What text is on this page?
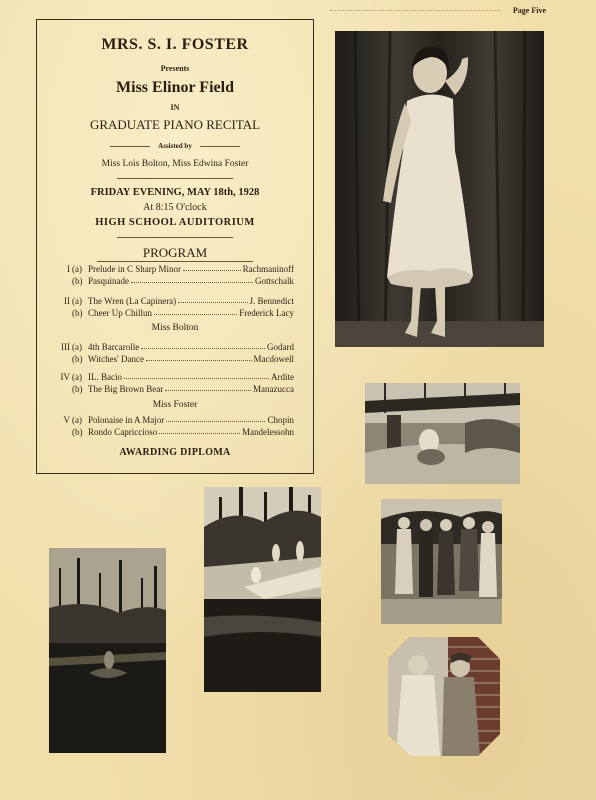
Page Five
MRS. S. I. FOSTER
Presents
Miss Elinor Field
IN
GRADUATE PIANO RECITAL
Assisted by
Miss Lois Bolton, Miss Edwina Foster
FRIDAY EVENING, MAY 18th, 1928
At 8:15 O'clock
HIGH SCHOOL AUDITORIUM
PROGRAM
I (a) Prelude in C Sharp Minor	Rachmaninoff
(b) Pasquinade	Gottschalk
II (a) The Wren (La Capinera)	J. Bennedict
(b) Cheer Up Chillun	Frederick Lacy
Miss Bolton
III (a) 4th Barcarolle	Godard
(b) Witches' Dance	Macdowell
IV (a) IL. Bacio	Ardite
(b) The Big Brown Bear	Manazucca
Miss Foster
V (a) Polonaise in A Major	Chopin
(b) Rondo Capriccioso	Mandelessohn
AWARDING DIPLOMA
